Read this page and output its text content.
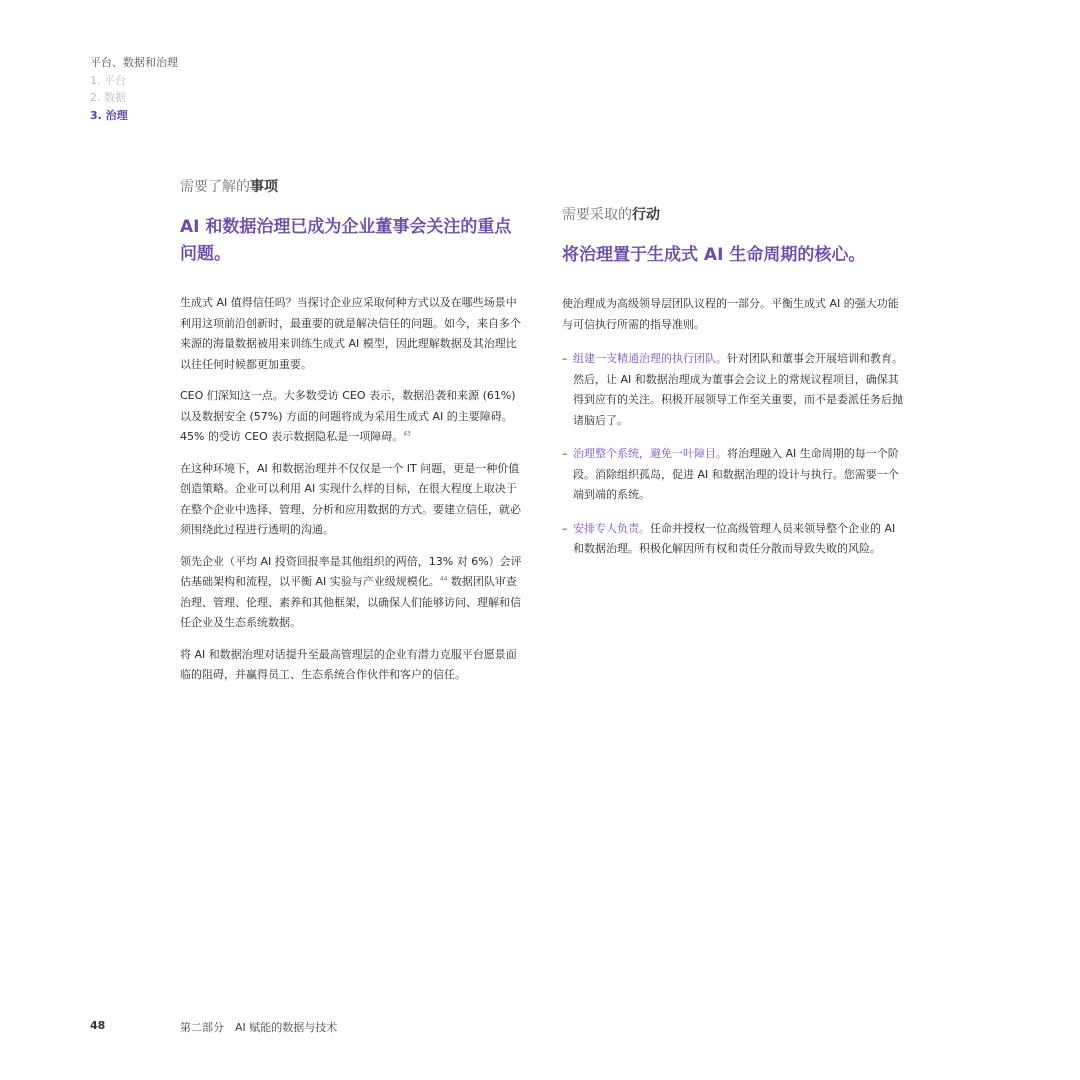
平台、数据和治理
1. 平台
2. 数据
3. 治理
需要了解的事项
AI 和数据治理已成为企业董事会关注的重点问题。

生成式 AI 值得信任吗？当探讨企业应采取何种方式以及在哪些场景中利用这项前沿创新时，最重要的就是解决信任的问题。如今，来自多个来源的海量数据被用来训练生成式 AI 模型，因此理解数据及其治理比以往任何时候都更加重要。

CEO 们深知这一点。大多数受访 CEO 表示，数据沿袭和来源 (61%) 以及数据安全 (57%) 方面的问题将成为采用生成式 AI 的主要障碍。45% 的受访 CEO 表示数据隐私是一项障碍。$^{43}$

在这种环境下，AI 和数据治理并不仅仅是一个 IT 问题，更是一种价值创造策略。企业可以利用 AI 实现什么样的目标，在很大程度上取决于在整个企业中选择、管理、分析和应用数据的方式。要建立信任，就必须围绕此过程进行透明的沟通。

领先企业（平均 AI 投资回报率是其他组织的两倍，13% 对 6%）会评估基础架构和流程，以平衡 AI 实验与产业级规模化。$^{44}$ 数据团队审查治理、管理、伦理、素养和其他框架，以确保人们能够访问、理解和信任企业及生态系统数据。

将 AI 和数据治理对话提升至最高管理层的企业有潜力克服平台愿景面临的阻碍，并赢得员工、生态系统合作伙伴和客户的信任。

需要采取的行动
将治理置于生成式 AI 生命周期的核心。

使治理成为高级领导层团队议程的一部分。平衡生成式 AI 的强大功能与可信执行所需的指导准则。

– 组建一支精通治理的执行团队。针对团队和董事会开展培训和教育。然后，让 AI 和数据治理成为董事会会议上的常规议程项目，确保其得到应有的关注。积极开展领导工作至关重要，而不是委派任务后抛诸脑后了。
– 治理整个系统，避免一叶障目。将治理融入 AI 生命周期的每一个阶段。消除组织孤岛，促进 AI 和数据治理的设计与执行。您需要一个端到端的系统。
– 安排专人负责。任命并授权一位高级管理人员来领导整个企业的 AI 和数据治理。积极化解因所有权和责任分散而导致失败的风险。
48	第二部分　AI 赋能的数据与技术
